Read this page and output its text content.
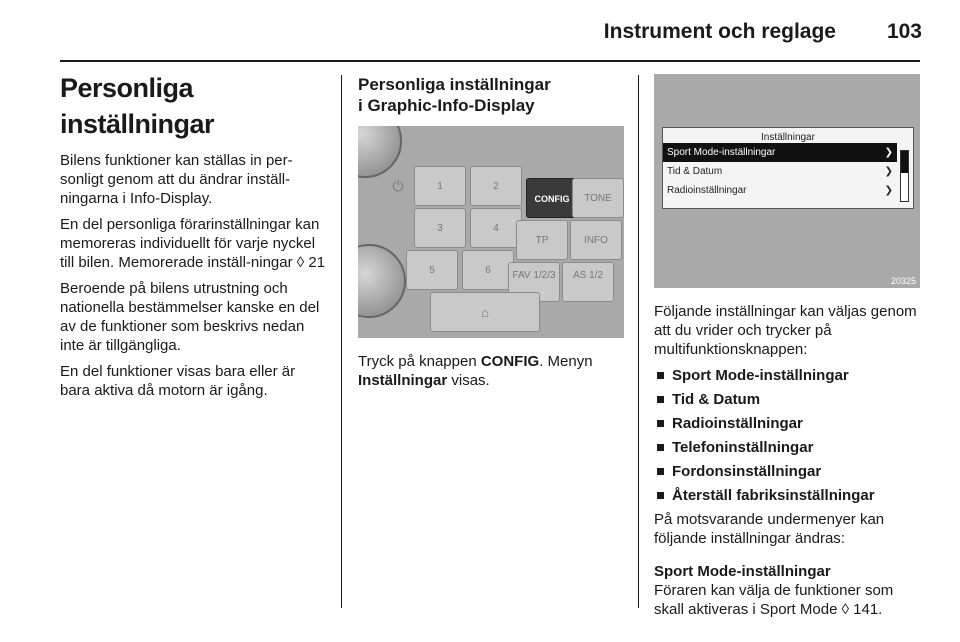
Instrument och reglage 103
Personliga inställningar

Bilens funktioner kan ställas in per-sonligt genom att du ändrar inställ-ningarna i Info-Display.

En del personliga förarinställningar kan memoreras individuellt för varje nyckel till bilen. Memorerade inställ-ningar ◊ 21

Beroende på bilens utrustning och nationella bestämmelser kanske en del av de funktioner som beskrivs nedan inte är tillgängliga.

En del funktioner visas bara eller är bara aktiva då motorn är igång.

Personliga inställningar
i Graphic-Info-Display
⏻	1	2
CONFIG	TONE
3	4
TP	INFO
5	6	FAV 1/2/3	AS 1/2
⌂

Tryck på knappen CONFIG. Menyn Inställningar visas.

Inställningar
Sport Mode-inställningar	❯
Tid & Datum	❯
Radioinställningar	❯
20325

Följande inställningar kan väljas genom att du vrider och trycker på multifunktionsknappen:

Sport Mode-inställningar
Tid & Datum
Radioinställningar
Telefoninställningar
Fordonsinställningar
Återställ fabriksinställningar

På motsvarande undermenyer kan följande inställningar ändras:

Sport Mode-inställningar

Föraren kan välja de funktioner som skall aktiveras i Sport Mode ◊ 141.
